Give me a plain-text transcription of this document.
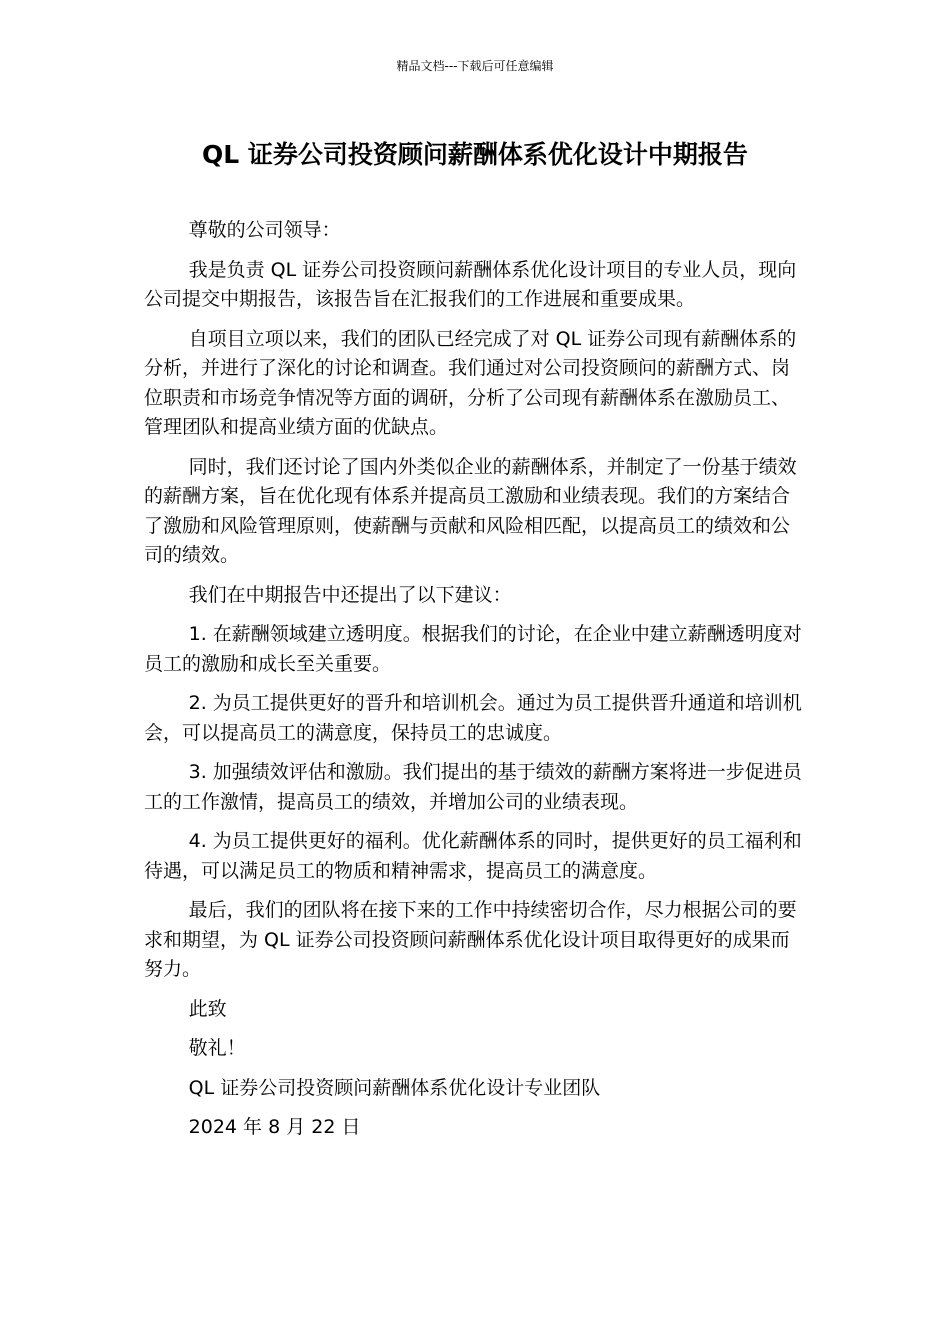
精品文档---下载后可任意编辑
QL 证券公司投资顾问薪酬体系优化设计中期报告

尊敬的公司领导：

我是负责 QL 证券公司投资顾问薪酬体系优化设计项目的专业人员，现向公司提交中期报告，该报告旨在汇报我们的工作进展和重要成果。

自项目立项以来，我们的团队已经完成了对 QL 证券公司现有薪酬体系的分析，并进行了深化的讨论和调查。我们通过对公司投资顾问的薪酬方式、岗位职责和市场竞争情况等方面的调研，分析了公司现有薪酬体系在激励员工、管理团队和提高业绩方面的优缺点。

同时，我们还讨论了国内外类似企业的薪酬体系，并制定了一份基于绩效的薪酬方案，旨在优化现有体系并提高员工激励和业绩表现。我们的方案结合了激励和风险管理原则，使薪酬与贡献和风险相匹配，以提高员工的绩效和公司的绩效。

我们在中期报告中还提出了以下建议：

1. 在薪酬领域建立透明度。根据我们的讨论，在企业中建立薪酬透明度对员工的激励和成长至关重要。

2. 为员工提供更好的晋升和培训机会。通过为员工提供晋升通道和培训机会，可以提高员工的满意度，保持员工的忠诚度。

3. 加强绩效评估和激励。我们提出的基于绩效的薪酬方案将进一步促进员工的工作激情，提高员工的绩效，并增加公司的业绩表现。

4. 为员工提供更好的福利。优化薪酬体系的同时，提供更好的员工福利和待遇，可以满足员工的物质和精神需求，提高员工的满意度。

最后，我们的团队将在接下来的工作中持续密切合作，尽力根据公司的要求和期望，为 QL 证券公司投资顾问薪酬体系优化设计项目取得更好的成果而努力。

此致

敬礼！

QL 证券公司投资顾问薪酬体系优化设计专业团队

2024 年 8 月 22 日
